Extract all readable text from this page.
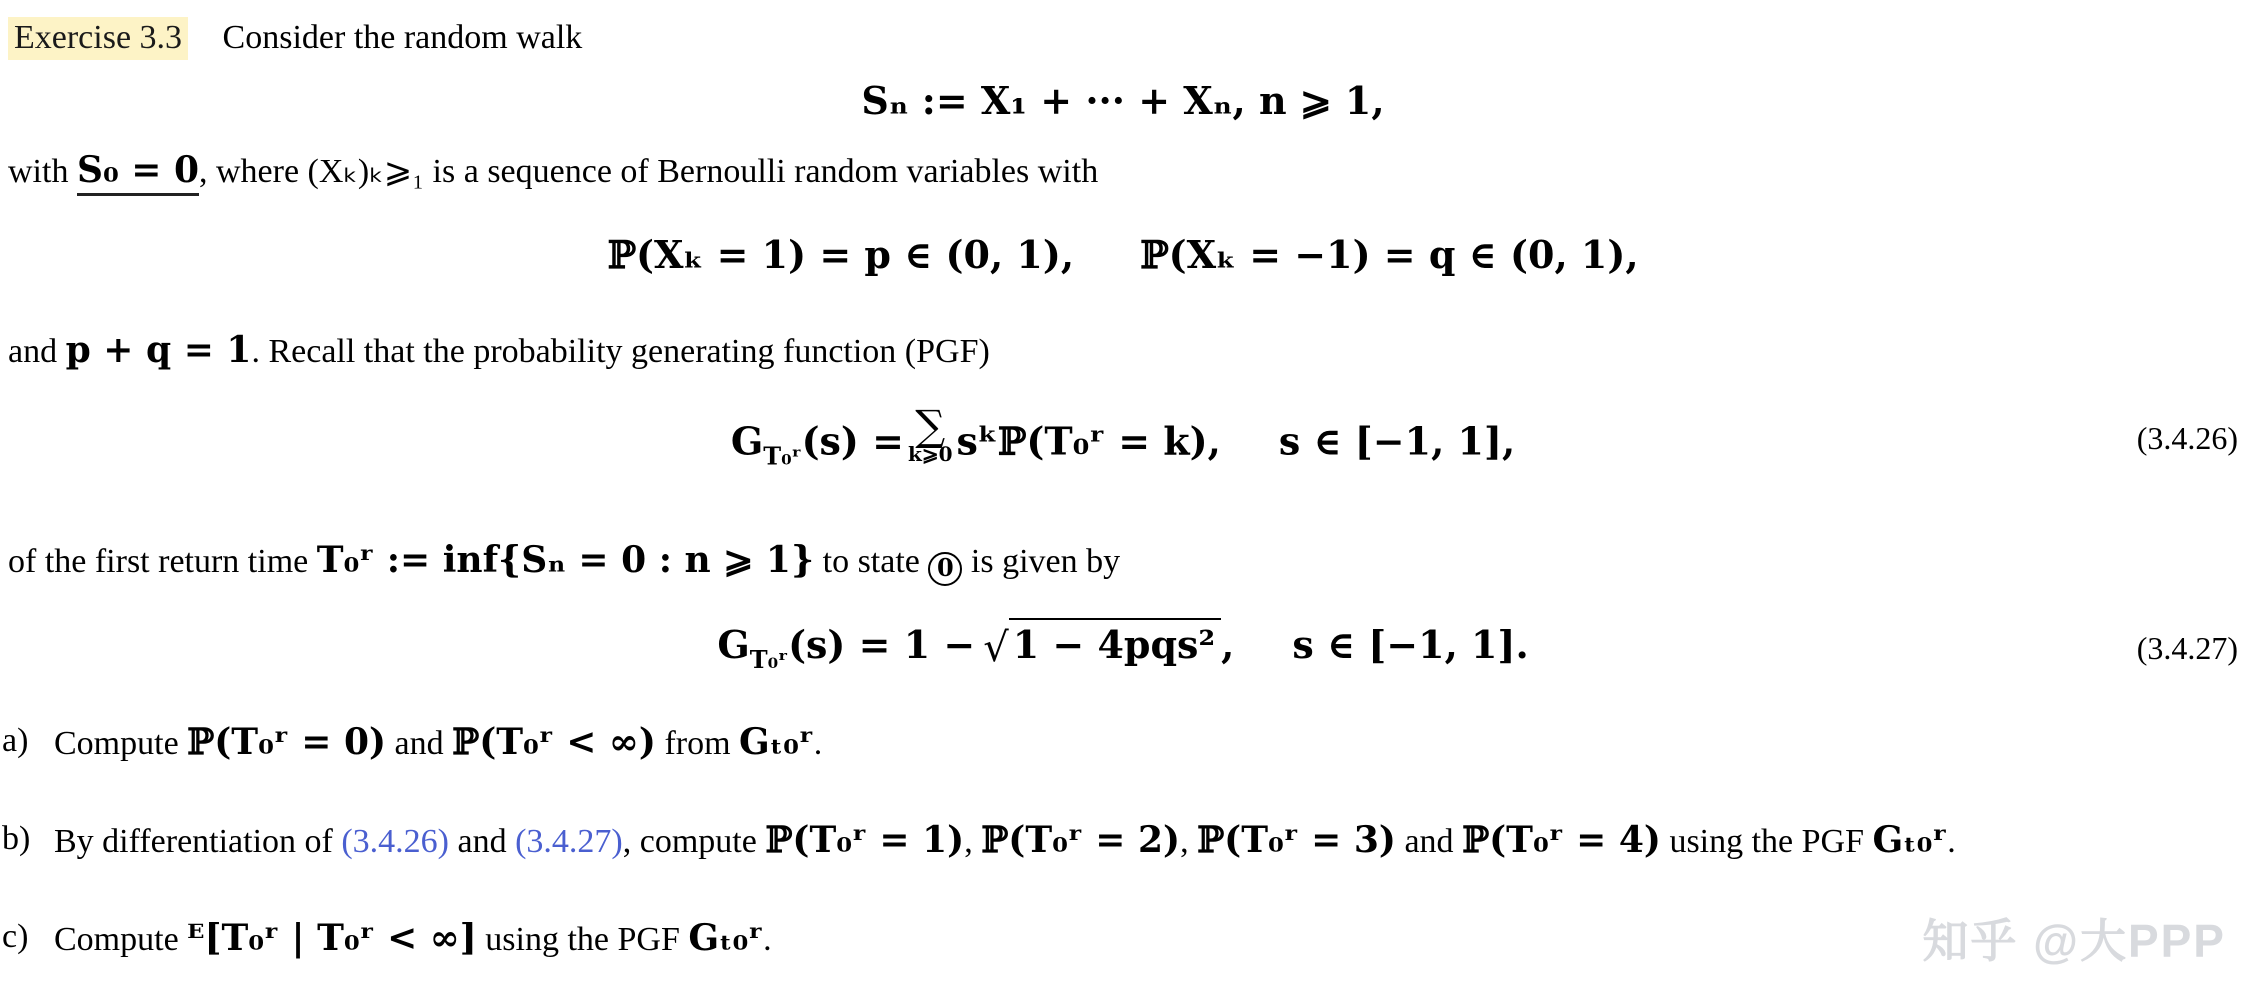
Exercise 3.3 Consider the random walk
Sₙ := X₁ + ··· + Xₙ, n ⩾ 1,
with S₀ = 0, where (Xₖ)ₖ⩾₁ is a sequence of Bernoulli random variables with
ℙ(Xₖ = 1) = p ∈ (0, 1), ℙ(Xₖ = −1) = q ∈ (0, 1),
and p + q = 1. Recall that the probability generating function (PGF)
GT₀ʳ(s) = ∑
k⩾0 sᵏℙ(T₀ʳ = k), s ∈ [−1, 1],	(3.4.26)
of the first return time T₀ʳ := inf{Sₙ = 0 : n ⩾ 1} to state 0 is given by
GT₀ʳ(s) = 1 − √ 1 − 4pqs² , s ∈ [−1, 1].	(3.4.27)
a) Compute ℙ(T₀ʳ = 0) and ℙ(T₀ʳ < ∞) from Gₜ₀ʳ.
b) By differentiation of (3.4.26) and (3.4.27), compute ℙ(T₀ʳ = 1), ℙ(T₀ʳ = 2), ℙ(T₀ʳ = 3) and ℙ(T₀ʳ = 4) using the PGF Gₜ₀ʳ.
c) Compute ᴱ[T₀ʳ | T₀ʳ < ∞] using the PGF Gₜ₀ʳ.	知乎 @大PPP
